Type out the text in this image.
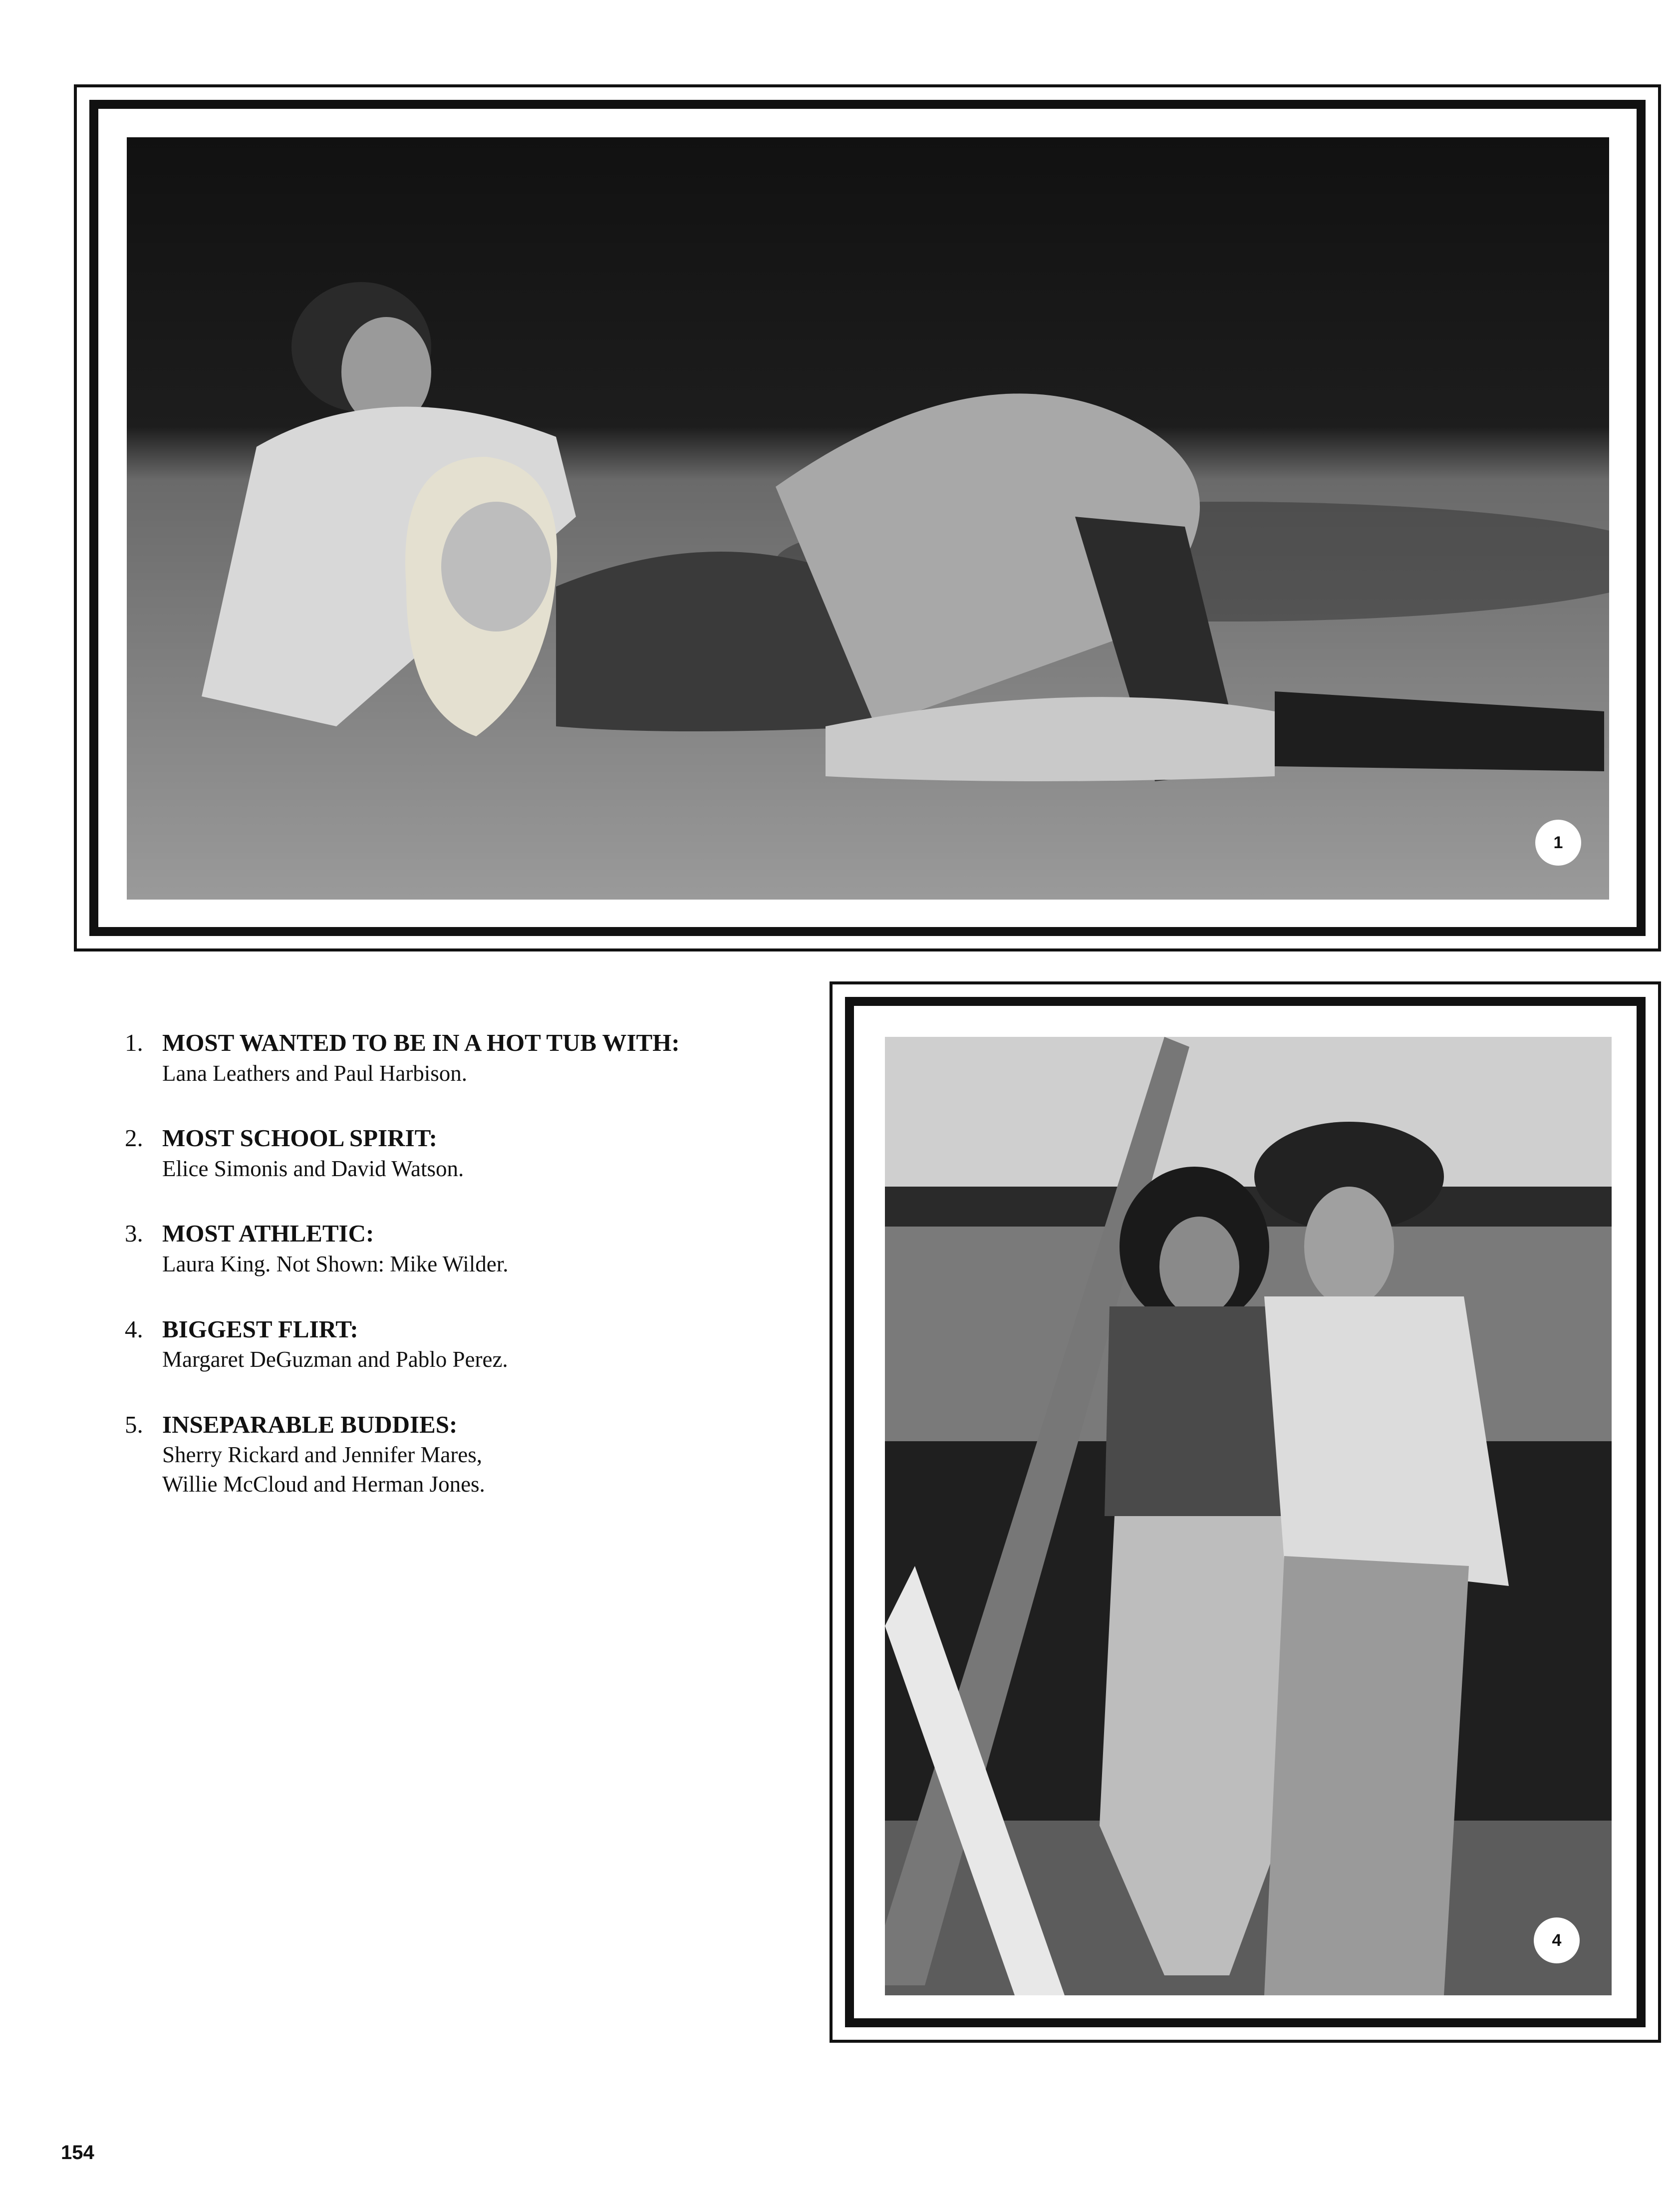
1
1. MOST WANTED TO BE IN A HOT TUB WITH:
Lana Leathers and Paul Harbison.
2. MOST SCHOOL SPIRIT:
Elice Simonis and David Watson.
3. MOST ATHLETIC:
Laura King. Not Shown: Mike Wilder.
4. BIGGEST FLIRT:
Margaret DeGuzman and Pablo Perez.
5. INSEPARABLE BUDDIES:
Sherry Rickard and Jennifer Mares,
Willie McCloud and Herman Jones.
4
154
